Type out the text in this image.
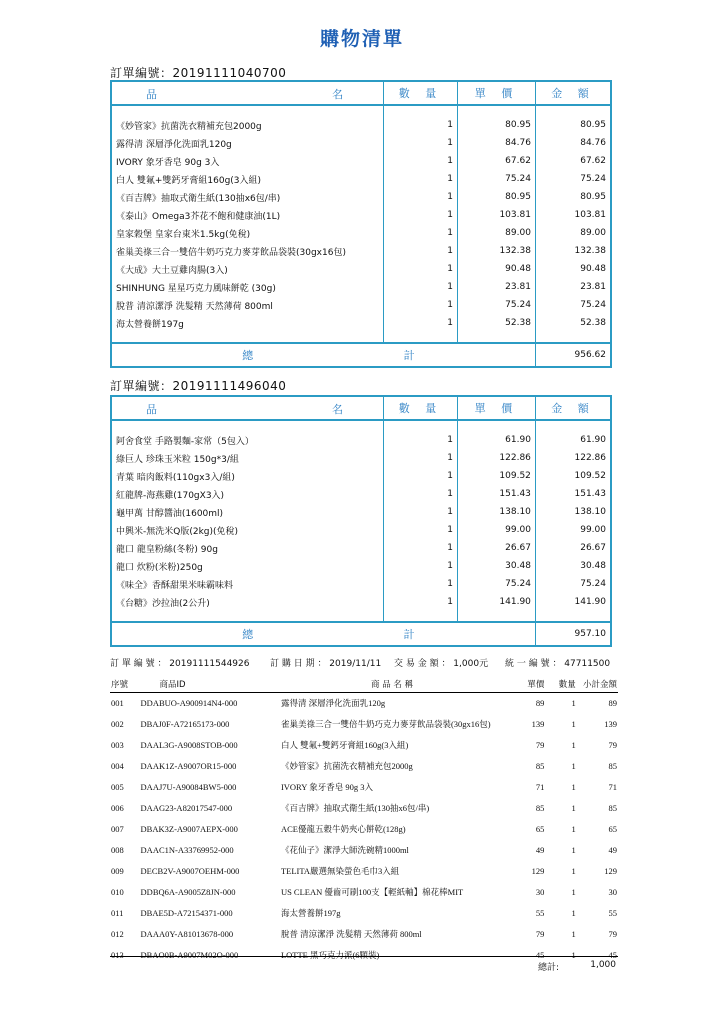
購物清單
訂單編號：20191111040700
品 名	數 量	單 價	金 額

《妙管家》抗菌洗衣精補充包2000g	1	80.95	80.95
露得清 深層淨化洗面乳120g	1	84.76	84.76
IVORY 象牙香皂 90g 3入	1	67.62	67.62
白人 雙氟+雙鈣牙膏組160g(3入組)	1	75.24	75.24
《百吉牌》抽取式衛生紙(130抽x6包/串)	1	80.95	80.95
《泰山》Omega3芥花不飽和健康油(1L)	1	103.81	103.81
皇家穀堡 皇家台東米1.5kg(免稅)	1	89.00	89.00
雀巢美祿三合一雙倍牛奶巧克力麥芽飲品袋裝(30gx16包)	1	132.38	132.38
《大成》大土豆雞肉腸(3入)	1	90.48	90.48
SHINHUNG 星星巧克力風味餅乾 (30g)	1	23.81	23.81
脫普 清涼潔淨 洗髮精 天然薄荷 800ml	1	75.24	75.24
海太營養餅197g	1	52.38	52.38

總	計		956.62
訂單編號：20191111496040
品 名	數 量	單 價	金 額

阿舍食堂 手路製麵-家常（5包入）	1	61.90	61.90
綠巨人 珍珠玉米粒 150g*3/組	1	122.86	122.86
青葉 暗肉飯料(110gx3入/組)	1	109.52	109.52
紅龍牌-海燕雞(170gX3入)	1	151.43	151.43
龜甲萬 甘醇醬油(1600ml)	1	138.10	138.10
中興米-無洗米Q版(2kg)(免稅)	1	99.00	99.00
龍口 龍皇粉絲(冬粉) 90g	1	26.67	26.67
龍口 炊粉(米粉)250g	1	30.48	30.48
《味全》香酥甜果米味霸味料	1	75.24	75.24
《台糖》沙拉油(2公升)	1	141.90	141.90

總	計		957.10
訂 單 編 號 ： 20191111544926 訂 購 日 期 ： 2019/11/11 交 易 金 額 ： 1,000元 統 一 編 號 ： 47711500
序號	商品ID	商 品 名 稱	單價	數量	小計金額
001	DDABUO-A900914N4-000	露得清 深層淨化洗面乳120g	89	1	89
002	DBAJ0F-A72165173-000	雀巢美祿三合一雙倍牛奶巧克力麥芽飲品袋裝(30gx16包)	139	1	139
003	DAAL3G-A9008STOB-000	白人 雙氟+雙鈣牙膏組160g(3入組)	79	1	79
004	DAAK1Z-A9007OR15-000	《妙管家》抗菌洗衣精補充包2000g	85	1	85
005	DAAJ7U-A90084BW5-000	IVORY 象牙香皂 90g 3入	71	1	71
006	DAAG23-A82017547-000	《百吉牌》抽取式衛生紙(130抽x6包/串)	85	1	85
007	DBAK3Z-A9007AEPX-000	ACE優龍五穀牛奶夾心餅乾(128g)	65	1	65
008	DAAC1N-A33769952-000	《花仙子》潔淨大師洗碗精1000ml	49	1	49
009	DECB2V-A9007OEHM-000	TELITA嚴選無染螢色毛巾3入組	129	1	129
010	DDBQ6A-A9005Z8JN-000	US CLEAN 優齒可刷100支【輕紙軸】棉花棒MIT	30	1	30
011	DBAE5D-A72154371-000	海太營養餅197g	55	1	55
012	DAAA0Y-A81013678-000	脫普 清涼潔淨 洗髮精 天然薄荷 800ml	79	1	79
013	DBAO0B-A9007M02O-000	LOTTE 黑巧克力派(6顆裝)	45	1	45
總計:	1,000
